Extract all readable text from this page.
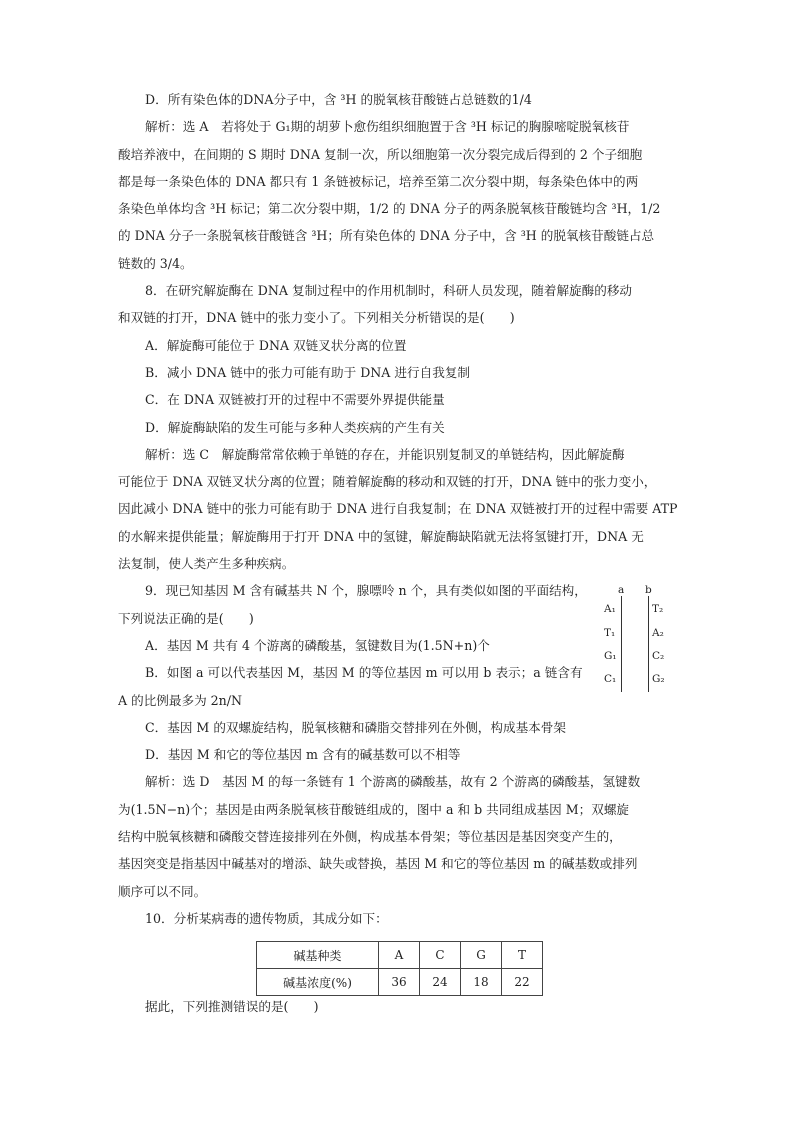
D．所有染色体的DNA分子中，含 ³H 的脱氧核苷酸链占总链数的1/4
解析：选 A　若将处于 G₁期的胡萝卜愈伤组织细胞置于含 ³H 标记的胸腺嘧啶脱氧核苷
酸培养液中，在间期的 S 期时 DNA 复制一次，所以细胞第一次分裂完成后得到的 2 个子细胞
都是每一条染色体的 DNA 都只有 1 条链被标记，培养至第二次分裂中期，每条染色体中的两
条染色单体均含 ³H 标记；第二次分裂中期，1/2 的 DNA 分子的两条脱氧核苷酸链均含 ³H，1/2
的 DNA 分子一条脱氧核苷酸链含 ³H；所有染色体的 DNA 分子中，含 ³H 的脱氧核苷酸链占总
链数的 3/4。
8．在研究解旋酶在 DNA 复制过程中的作用机制时，科研人员发现，随着解旋酶的移动
和双链的打开，DNA 链中的张力变小了。下列相关分析错误的是(　　)
A．解旋酶可能位于 DNA 双链叉状分离的位置
B．减小 DNA 链中的张力可能有助于 DNA 进行自我复制
C．在 DNA 双链被打开的过程中不需要外界提供能量
D．解旋酶缺陷的发生可能与多种人类疾病的产生有关
解析：选 C　解旋酶常常依赖于单链的存在，并能识别复制叉的单链结构，因此解旋酶
可能位于 DNA 双链叉状分离的位置；随着解旋酶的移动和双链的打开，DNA 链中的张力变小，
因此减小 DNA 链中的张力可能有助于 DNA 进行自我复制；在 DNA 双链被打开的过程中需要 ATP
的水解来提供能量；解旋酶用于打开 DNA 中的氢键，解旋酶缺陷就无法将氢键打开，DNA 无
法复制，使人类产生多种疾病。
9．现已知基因 M 含有碱基共 N 个，腺嘌呤 n 个，具有类似如图的平面结构，
下列说法正确的是(　　)
A．基因 M 共有 4 个游离的磷酸基，氢键数目为(1.5N+n)个
B．如图 a 可以代表基因 M，基因 M 的等位基因 m 可以用 b 表示；a 链含有
A 的比例最多为 2n/N
C．基因 M 的双螺旋结构，脱氧核糖和磷脂交替排列在外侧，构成基本骨架
D．基因 M 和它的等位基因 m 含有的碱基数可以不相等
解析：选 D　基因 M 的每一条链有 1 个游离的磷酸基，故有 2 个游离的磷酸基，氢键数
为(1.5N−n)个；基因是由两条脱氧核苷酸链组成的，图中 a 和 b 共同组成基因 M；双螺旋
结构中脱氧核糖和磷酸交替连接排列在外侧，构成基本骨架；等位基因是基因突变产生的，
基因突变是指基因中碱基对的增添、缺失或替换，基因 M 和它的等位基因 m 的碱基数或排列
顺序可以不同。
10．分析某病毒的遗传物质，其成分如下：
a b
A₁
T₁
G₁
C₁
T₂
A₂
C₂
G₂
碱基种类	A	C	G	T
碱基浓度(%)	36	24	18	22
据此，下列推测错误的是(　　)
